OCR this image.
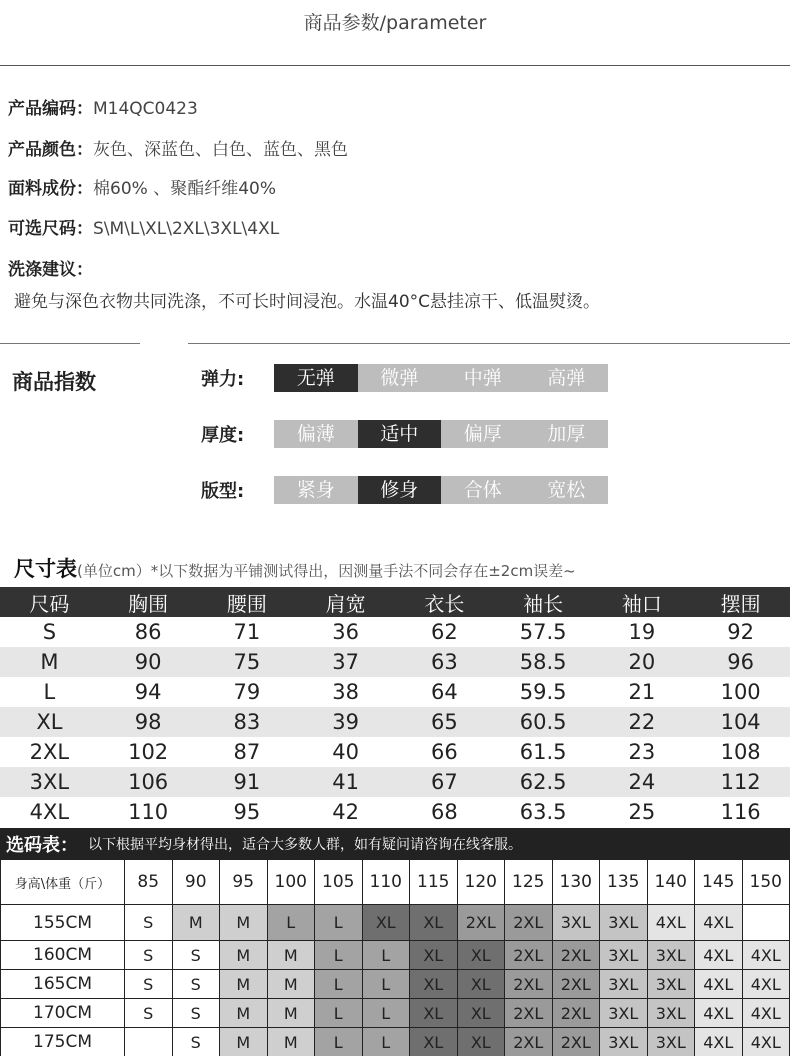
商品参数/parameter
产品编码：M14QC0423
产品颜色：灰色、深蓝色、白色、蓝色、黑色
面料成份：棉60% 、聚酯纤维40%
可选尺码：S\M\L\XL\2XL\3XL\4XL
洗涤建议：
避免与深色衣物共同洗涤，不可长时间浸泡。水温40°C悬挂凉干、低温熨烫。
商品指数	弹力:	无弹	微弹	中弹	高弹
厚度:	偏薄	适中	偏厚	加厚
版型:	紧身	修身	合体	宽松
尺寸表(单位cm）*以下数据为平铺测试得出，因测量手法不同会存在±2cm误差~
尺码	胸围	腰围	肩宽	衣长	袖长	袖口	摆围
S	86	71	36	62	57.5	19	92
M	90	75	37	63	58.5	20	96
L	94	79	38	64	59.5	21	100
XL	98	83	39	65	60.5	22	104
2XL	102	87	40	66	61.5	23	108
3XL	106	91	41	67	62.5	24	112
4XL	110	95	42	68	63.5	25	116
选码表： 以下根据平均身材得出，适合大多数人群，如有疑问请咨询在线客服。
身高\体重（斤）	85	90	95	100	105	110	115	120	125	130	135	140	145	150
155CM	S	M	M	L	L	XL	XL	2XL	2XL	3XL	3XL	4XL	4XL	
160CM	S	S	M	M	L	L	XL	XL	2XL	2XL	3XL	3XL	4XL	4XL
165CM	S	S	M	M	L	L	XL	XL	2XL	2XL	3XL	3XL	4XL	4XL
170CM	S	S	M	M	L	L	XL	XL	2XL	2XL	3XL	3XL	4XL	4XL
175CM		S	M	M	L	L	XL	XL	2XL	2XL	3XL	3XL	4XL	4XL
